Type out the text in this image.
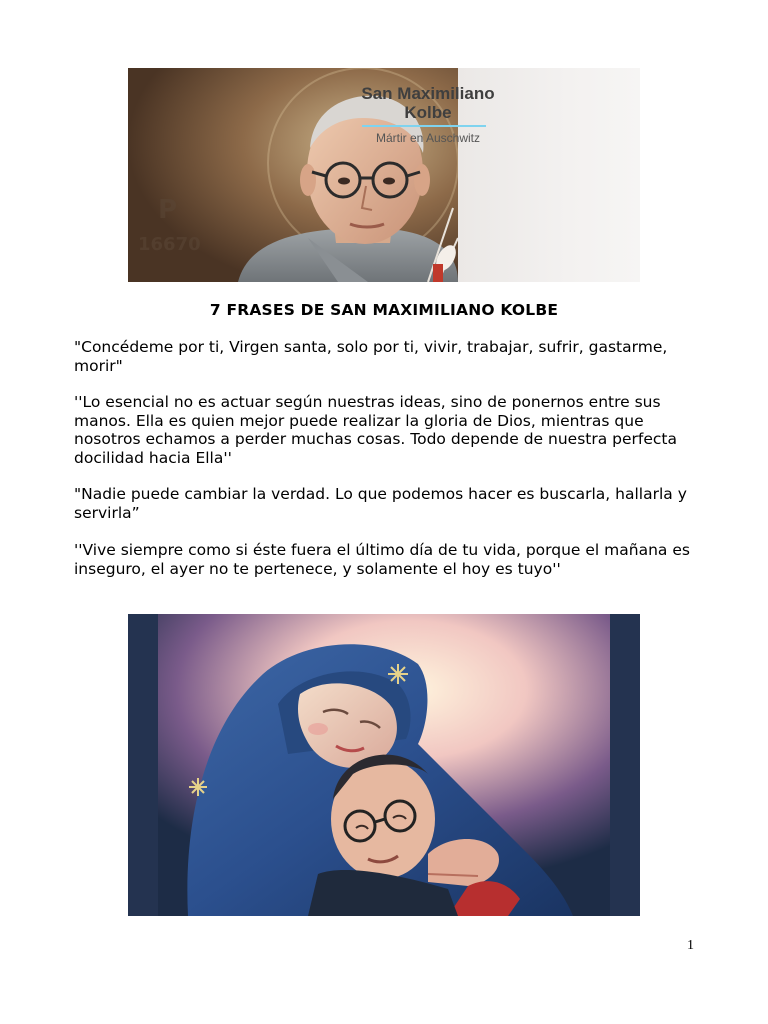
P
16670
San Maximiliano
Kolbe
Mártir en Auschwitz
7 FRASES DE SAN MAXIMILIANO KOLBE

"Concédeme por ti, Virgen santa, solo por ti, vivir, trabajar, sufrir, gastarme, morir"

''Lo esencial no es actuar según nuestras ideas, sino de ponernos entre sus manos. Ella es quien mejor puede realizar la gloria de Dios, mientras que nosotros echamos a perder muchas cosas. Todo depende de nuestra perfecta docilidad hacia Ella''

"Nadie puede cambiar la verdad. Lo que podemos hacer es buscarla, hallarla y servirla”

''Vive siempre como si éste fuera el último día de tu vida, porque el mañana es inseguro, el ayer no te pertenece, y solamente el hoy es tuyo''

1
